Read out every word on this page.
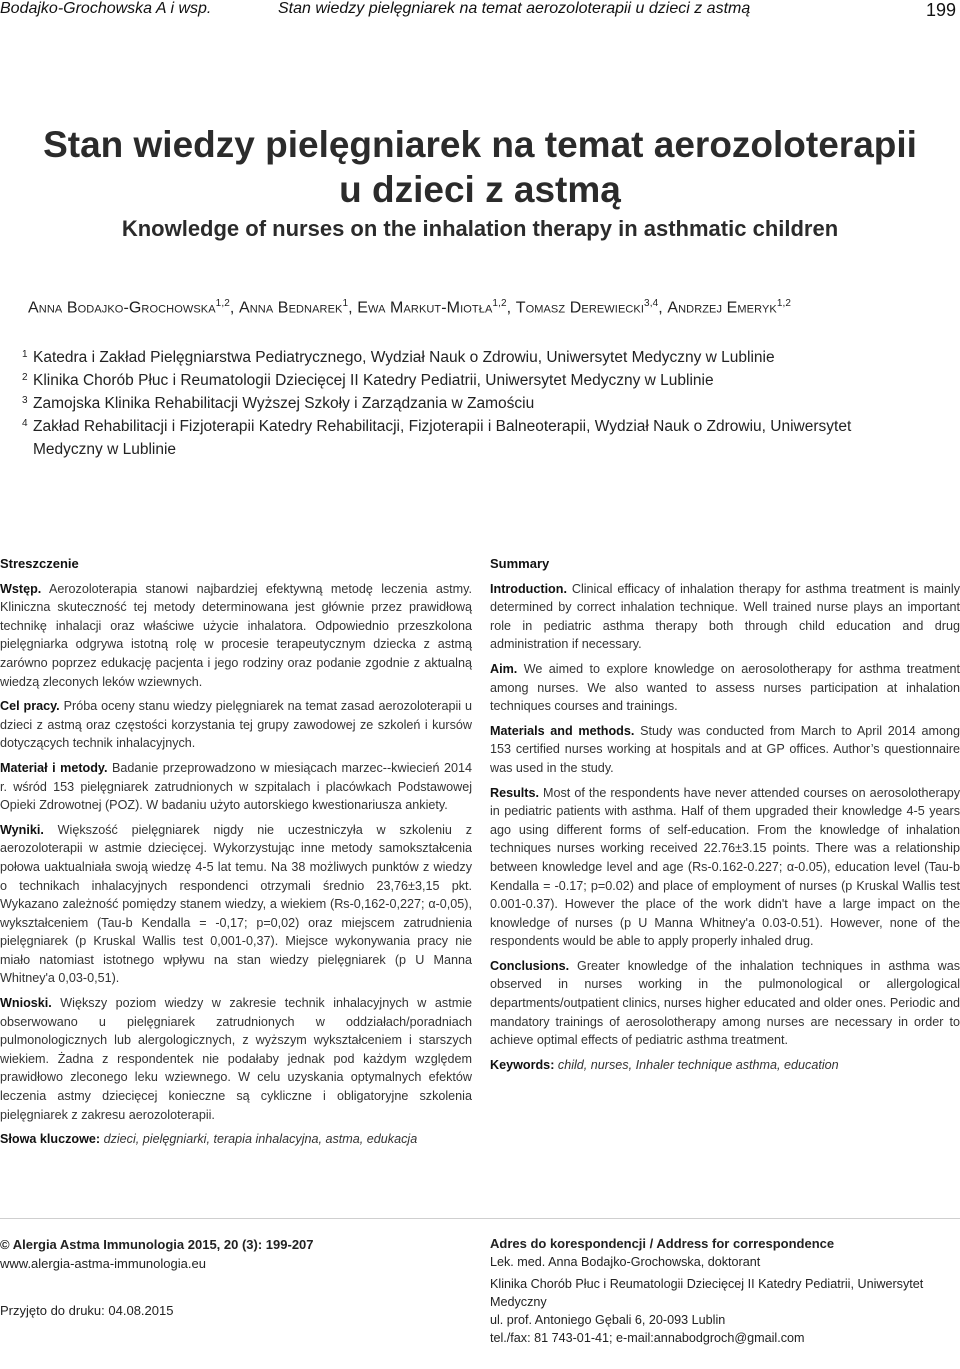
Bodajko-Grochowska A i wsp.	Stan wiedzy pielęgniarek na temat aerozoloterapii u dzieci z astmą	199
Stan wiedzy pielęgniarek na temat aerozoloterapii
u dzieci z astmą
Knowledge of nurses on the inhalation therapy in asthmatic children
Anna Bodajko-Grochowska$^{1,2}$, Anna Bednarek$^1$, Ewa Markut-Miotła$^{1,2}$, Tomasz Derewiecki$^{3,4}$, Andrzej Emeryk$^{1,2}$
1 Katedra i Zakład Pielęgniarstwa Pediatrycznego, Wydział Nauk o Zdrowiu, Uniwersytet Medyczny w Lublinie
2 Klinika Chorób Płuc i Reumatologii Dziecięcej II Katedry Pediatrii, Uniwersytet Medyczny w Lublinie
3 Zamojska Klinika Rehabilitacji Wyższej Szkoły i Zarządzania w Zamościu
4 Zakład Rehabilitacji i Fizjoterapii Katedry Rehabilitacji, Fizjoterapii i Balneoterapii, Wydział Nauk o Zdrowiu, Uniwersytet Medyczny w Lublinie

Streszczenie

Wstęp. Aerozoloterapia stanowi najbardziej efektywną metodę leczenia astmy. Kliniczna skuteczność tej metody determinowana jest głównie przez prawidłową technikę inhalacji oraz właściwe użycie inhalatora. Odpowiednio przeszkolona pielęgniarka odgrywa istotną rolę w procesie terapeutycznym dziecka z astmą zarówno poprzez edukację pacjenta i jego rodziny oraz podanie zgodnie z aktualną wiedzą zleconych leków wziewnych.

Cel pracy. Próba oceny stanu wiedzy pielęgniarek na temat zasad aerozoloterapii u dzieci z astmą oraz częstości korzystania tej grupy zawodowej ze szkoleń i kursów dotyczących technik inhalacyjnych.

Materiał i metody. Badanie przeprowadzono w miesiącach marzec--kwiecień 2014 r. wśród 153 pielęgniarek zatrudnionych w szpitalach i placówkach Podstawowej Opieki Zdrowotnej (POZ). W badaniu użyto autorskiego kwestionariusza ankiety.

Wyniki. Większość pielęgniarek nigdy nie uczestniczyła w szkoleniu z aerozoloterapii w astmie dziecięcej. Wykorzystując inne metody samokształcenia połowa uaktualniała swoją wiedzę 4-5 lat temu. Na 38 możliwych punktów z wiedzy o technikach inhalacyjnych respondenci otrzymali średnio 23,76±3,15 pkt. Wykazano zależność pomiędzy stanem wiedzy, a wiekiem (Rs-0,162-0,227; α-0,05), wykształceniem (Tau-b Kendalla = -0,17; p=0,02) oraz miejscem zatrudnienia pielęgniarek (p Kruskal Wallis test 0,001-0,37). Miejsce wykonywania pracy nie miało natomiast istotnego wpływu na stan wiedzy pielęgniarek (p U Manna Whitney'a 0,03-0,51).

Wnioski. Większy poziom wiedzy w zakresie technik inhalacyjnych w astmie obserwowano u pielęgniarek zatrudnionych w oddziałach/poradniach pulmonologicznych lub alergologicznych, z wyższym wykształceniem i starszych wiekiem. Żadna z respondentek nie podałaby jednak pod każdym względem prawidłowo zleconego leku wziewnego. W celu uzyskania optymalnych efektów leczenia astmy dziecięcej konieczne są cykliczne i obligatoryjne szkolenia pielęgniarek z zakresu aerozoloterapii.

Słowa kluczowe: dzieci, pielęgniarki, terapia inhalacyjna, astma, edukacja

Summary

Introduction. Clinical efficacy of inhalation therapy for asthma treatment is mainly determined by correct inhalation technique. Well trained nurse plays an important role in pediatric asthma therapy both through child education and drug administration if necessary.

Aim. We aimed to explore knowledge on aerosolotherapy for asthma treatment among nurses. We also wanted to assess nurses participation at inhalation techniques courses and trainings.

Materials and methods. Study was conducted from March to April 2014 among 153 certified nurses working at hospitals and at GP offices. Author’s questionnaire was used in the study.

Results. Most of the respondents have never attended courses on aerosolotherapy in pediatric patients with asthma. Half of them upgraded their knowledge 4-5 years ago using different forms of self-education. From the knowledge of inhalation techniques nurses working received 22.76±3.15 points. There was a relationship between knowledge level and age (Rs-0.162-0.227; α-0.05), education level (Tau-b Kendalla = -0.17; p=0.02) and place of employment of nurses (p Kruskal Wallis test 0.001-0.37). However the place of the work didn't have a large impact on the knowledge of nurses (p U Manna Whitney'a 0.03-0.51). However, none of the respondents would be able to apply properly inhaled drug.

Conclusions. Greater knowledge of the inhalation techniques in asthma was observed in nurses working in the pulmonological or allergological departments/outpatient clinics, nurses higher educated and older ones. Periodic and mandatory trainings of aerosolotherapy among nurses are necessary in order to achieve optimal effects of pediatric asthma treatment.

Keywords: child, nurses, Inhaler technique asthma, education

© Alergia Astma Immunologia 2015, 20 (3): 199-207
www.alergia-astma-immunologia.eu
Przyjęto do druku: 04.08.2015
Adres do korespondencji / Address for correspondence
Lek. med. Anna Bodajko-Grochowska, doktorant
Klinika Chorób Płuc i Reumatologii Dziecięcej II Katedry Pediatrii, Uniwersytet Medyczny
ul. prof. Antoniego Gębali 6, 20-093 Lublin
tel./fax: 81 743-01-41; e-mail:annabodgroch@gmail.com
